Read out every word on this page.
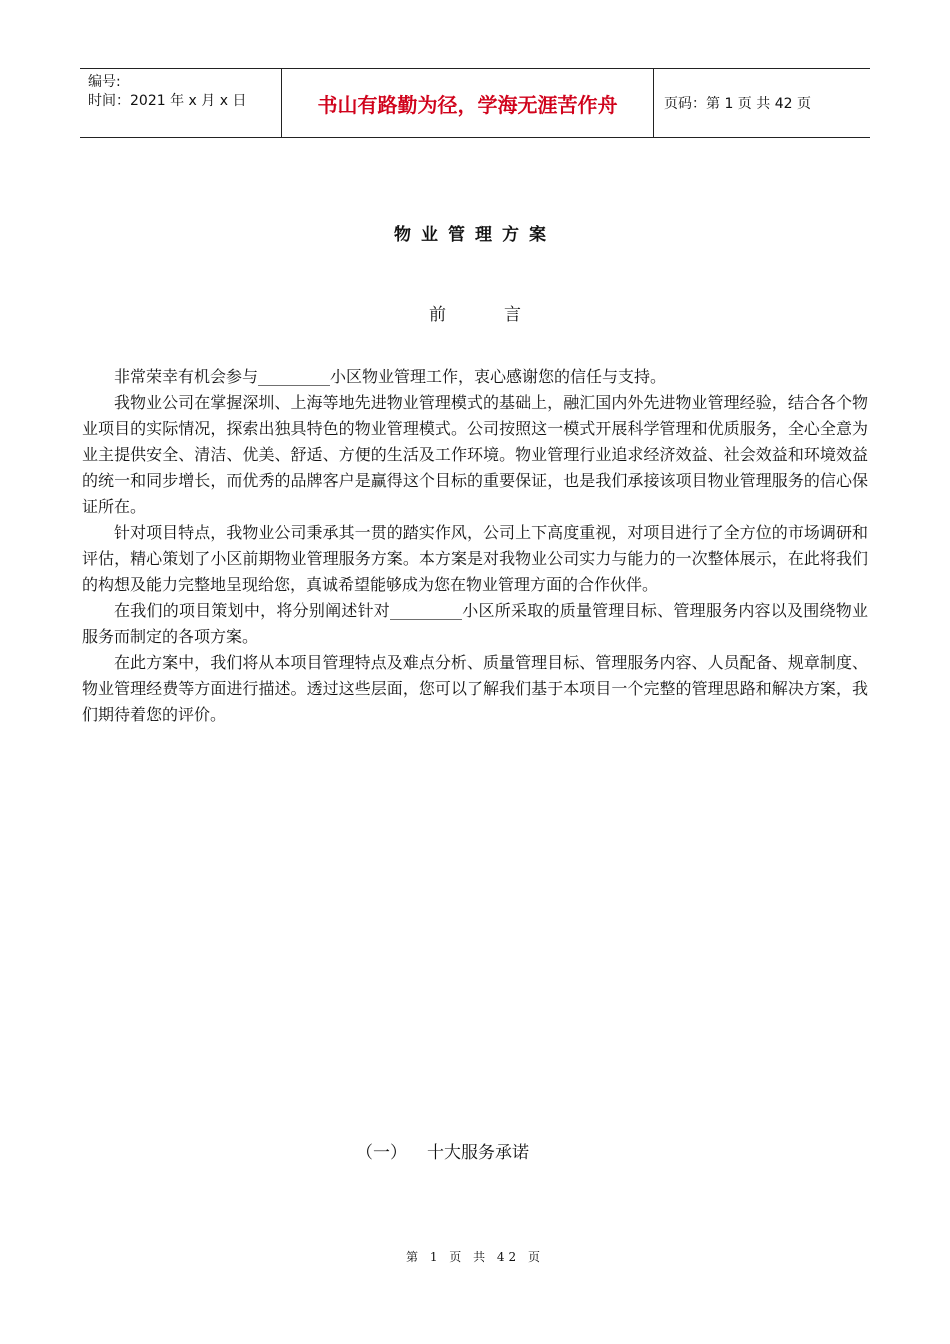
编号:
时间：2021 年 x 月 x 日	书山有路勤为径，学海无涯苦作舟	页码：第 1 页 共 42 页
物业管理方案
前言

非常荣幸有机会参与_________小区物业管理工作，衷心感谢您的信任与支持。

我物业公司在掌握深圳、上海等地先进物业管理模式的基础上，融汇国内外先进物业管理经验，结合各个物业项目的实际情况，探索出独具特色的物业管理模式。公司按照这一模式开展科学管理和优质服务，全心全意为业主提供安全、清洁、优美、舒适、方便的生活及工作环境。物业管理行业追求经济效益、社会效益和环境效益的统一和同步增长，而优秀的品牌客户是赢得这个目标的重要保证，也是我们承接该项目物业管理服务的信心保证所在。

针对项目特点，我物业公司秉承其一贯的踏实作风，公司上下高度重视，对项目进行了全方位的市场调研和评估，精心策划了小区前期物业管理服务方案。本方案是对我物业公司实力与能力的一次整体展示，在此将我们的构想及能力完整地呈现给您，真诚希望能够成为您在物业管理方面的合作伙伴。

在我们的项目策划中，将分别阐述针对_________小区所采取的质量管理目标、管理服务内容以及围绕物业服务而制定的各项方案。

在此方案中，我们将从本项目管理特点及难点分析、质量管理目标、管理服务内容、人员配备、规章制度、物业管理经费等方面进行描述。透过这些层面，您可以了解我们基于本项目一个完整的管理思路和解决方案，我们期待着您的评价。

（一） 十大服务承诺
第 1 页 共 42 页
